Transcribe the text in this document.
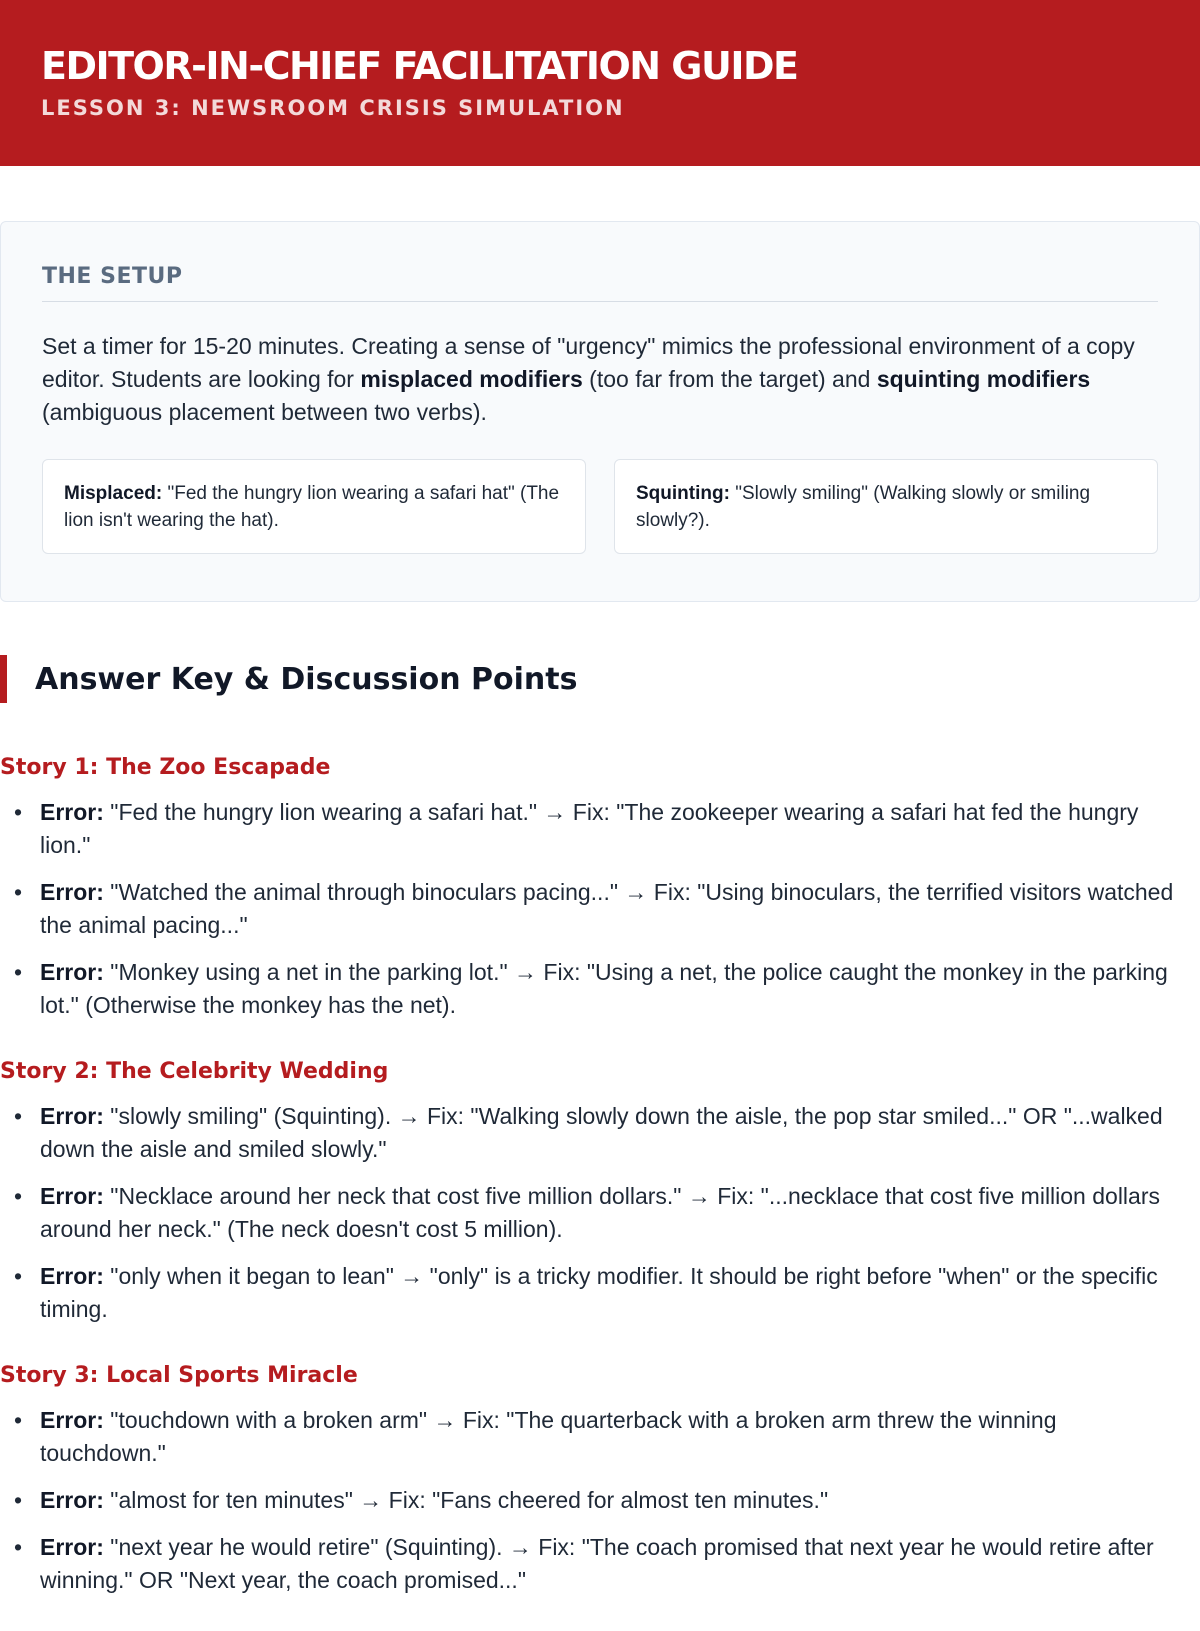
EDITOR-IN-CHIEF FACILITATION GUIDE
LESSON 3: NEWSROOM CRISIS SIMULATION
THE SETUP

Set a timer for 15-20 minutes. Creating a sense of "urgency" mimics the professional environment of a copy editor. Students are looking for misplaced modifiers (too far from the target) and squinting modifiers (ambiguous placement between two verbs).

Misplaced: "Fed the hungry lion wearing a safari hat" (The lion isn't wearing the hat).
Squinting: "Slowly smiling" (Walking slowly or smiling slowly?).
Answer Key & Discussion Points
Story 1: The Zoo Escapade
• Error: "Fed the hungry lion wearing a safari hat." → Fix: "The zookeeper wearing a safari hat fed the hungry lion."
• Error: "Watched the animal through binoculars pacing..." → Fix: "Using binoculars, the terrified visitors watched the animal pacing..."
• Error: "Monkey using a net in the parking lot." → Fix: "Using a net, the police caught the monkey in the parking lot." (Otherwise the monkey has the net).
Story 2: The Celebrity Wedding
• Error: "slowly smiling" (Squinting). → Fix: "Walking slowly down the aisle, the pop star smiled..." OR "...walked down the aisle and smiled slowly."
• Error: "Necklace around her neck that cost five million dollars." → Fix: "...necklace that cost five million dollars around her neck." (The neck doesn't cost 5 million).
• Error: "only when it began to lean" → "only" is a tricky modifier. It should be right before "when" or the specific timing.
Story 3: Local Sports Miracle
• Error: "touchdown with a broken arm" → Fix: "The quarterback with a broken arm threw the winning touchdown."
• Error: "almost for ten minutes" → Fix: "Fans cheered for almost ten minutes."
• Error: "next year he would retire" (Squinting). → Fix: "The coach promised that next year he would retire after winning." OR "Next year, the coach promised..."
